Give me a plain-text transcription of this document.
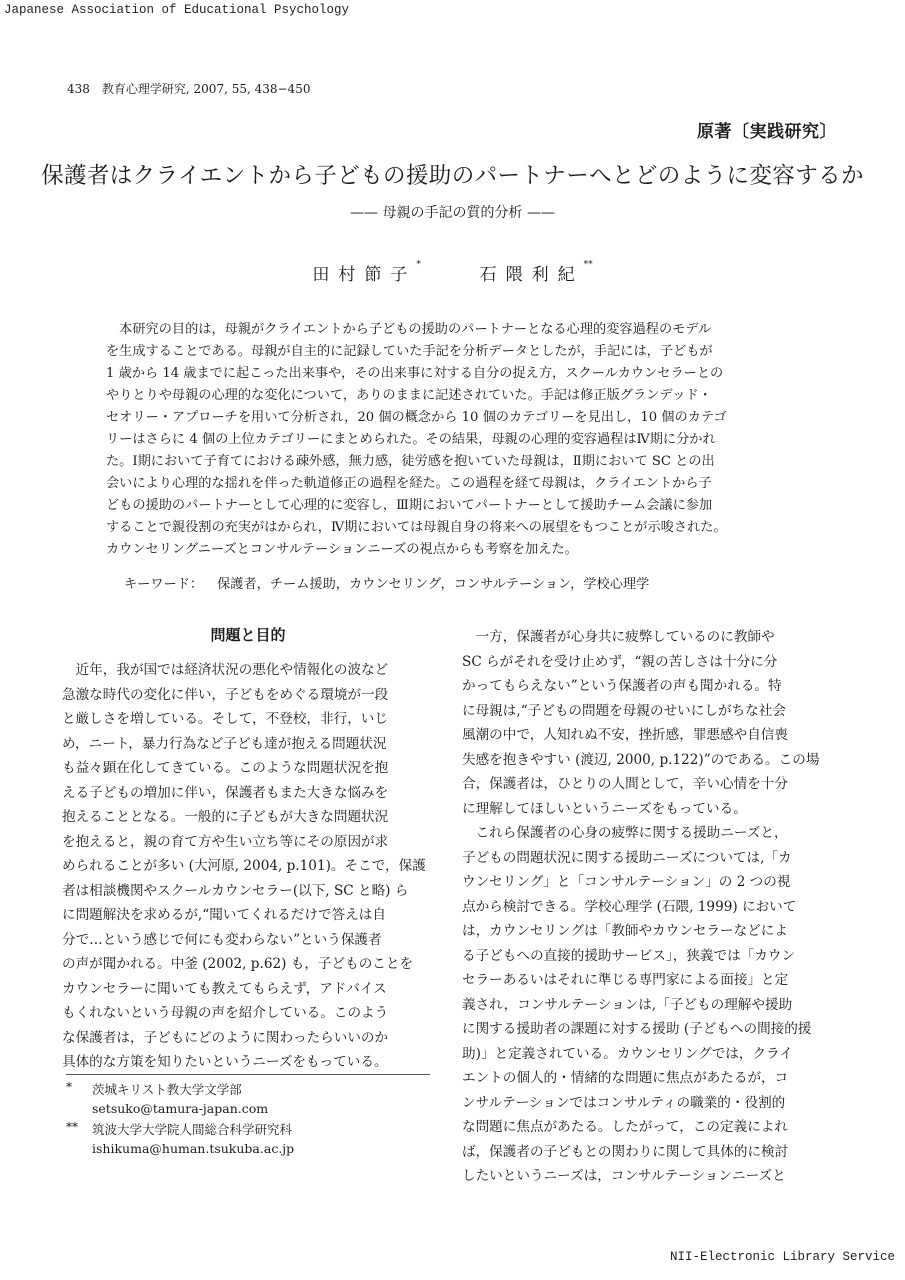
Japanese Association of Educational Psychology
438　教育心理学研究, 2007, 55, 438−450
原著〔実践研究〕
保護者はクライエントから子どもの援助のパートナーへとどのように変容するか
—— 母親の手記の質的分析 ——
田村節子*	石隈利紀**
　本研究の目的は，母親がクライエントから子どもの援助のパートナーとなる心理的変容過程のモデル
を生成することである。母親が自主的に記録していた手記を分析データとしたが，手記には，子どもが
1 歳から 14 歳までに起こった出来事や，その出来事に対する自分の捉え方，スクールカウンセラーとの
やりとりや母親の心理的な変化について，ありのままに記述されていた。手記は修正版グランデッド・
セオリー・アプローチを用いて分析され，20 個の概念から 10 個のカテゴリーを見出し，10 個のカテゴ
リーはさらに 4 個の上位カテゴリーにまとめられた。その結果，母親の心理的変容過程はⅣ期に分かれ
た。Ⅰ期において子育てにおける疎外感，無力感，徒労感を抱いていた母親は，Ⅱ期において SC との出
会いにより心理的な揺れを伴った軌道修正の過程を経た。この過程を経て母親は，クライエントから子
どもの援助のパートナーとして心理的に変容し，Ⅲ期においてパートナーとして援助チーム会議に参加
することで親役割の充実がはかられ，Ⅳ期においては母親自身の将来への展望をもつことが示唆された。
カウンセリングニーズとコンサルテーションニーズの視点からも考察を加えた。
キーワード： 保護者，チーム援助，カウンセリング，コンサルテーション，学校心理学
問題と目的
　近年，我が国では経済状況の悪化や情報化の波など
急激な時代の変化に伴い，子どもをめぐる環境が一段
と厳しさを増している。そして，不登校，非行，いじ
め，ニート，暴力行為など子ども達が抱える問題状況
も益々顕在化してきている。このような問題状況を抱
える子どもの増加に伴い，保護者もまた大きな悩みを
抱えることとなる。一般的に子どもが大きな問題状況
を抱えると，親の育て方や生い立ち等にその原因が求
められることが多い (大河原, 2004, p.101)。そこで，保護
者は相談機関やスクールカウンセラー(以下, SC と略) ら
に問題解決を求めるが,“聞いてくれるだけで答えは自
分で…という感じで何にも変わらない”という保護者
の声が聞かれる。中釜 (2002, p.62) も，子どものことを
カウンセラーに聞いても教えてもらえず，アドバイス
もくれないという母親の声を紹介している。このよう
な保護者は，子どもにどのように関わったらいいのか
具体的な方策を知りたいというニーズをもっている。
　一方，保護者が心身共に疲弊しているのに教師や
SC らがそれを受け止めず，“親の苦しさは十分に分
かってもらえない”という保護者の声も聞かれる。特
に母親は,“子どもの問題を母親のせいにしがちな社会
風潮の中で，人知れぬ不安，挫折感，罪悪感や自信喪
失感を抱きやすい (渡辺, 2000, p.122)”のである。この場
合，保護者は，ひとりの人間として，辛い心情を十分
に理解してほしいというニーズをもっている。
　これら保護者の心身の疲弊に関する援助ニーズと，
子どもの問題状況に関する援助ニーズについては,「カ
ウンセリング」と「コンサルテーション」の 2 つの視
点から検討できる。学校心理学 (石隈, 1999) において
は，カウンセリングは「教師やカウンセラーなどによ
る子どもへの直接的援助サービス」，狭義では「カウン
セラーあるいはそれに準じる専門家による面接」と定
義され，コンサルテーションは,「子どもの理解や援助
に関する援助者の課題に対する援助 (子どもへの間接的援
助)」と定義されている。カウンセリングでは，クライ
エントの個人的・情緒的な問題に焦点があたるが，コ
ンサルテーションではコンサルティの職業的・役割的
な問題に焦点があたる。したがって，この定義によれ
ば，保護者の子どもとの関わりに関して具体的に検討
したいというニーズは，コンサルテーションニーズと
* 茨城キリスト教大学文学部
setsuko@tamura-japan.com
** 筑波大学大学院人間総合科学研究科
ishikuma@human.tsukuba.ac.jp
NII-Electronic Library Service
